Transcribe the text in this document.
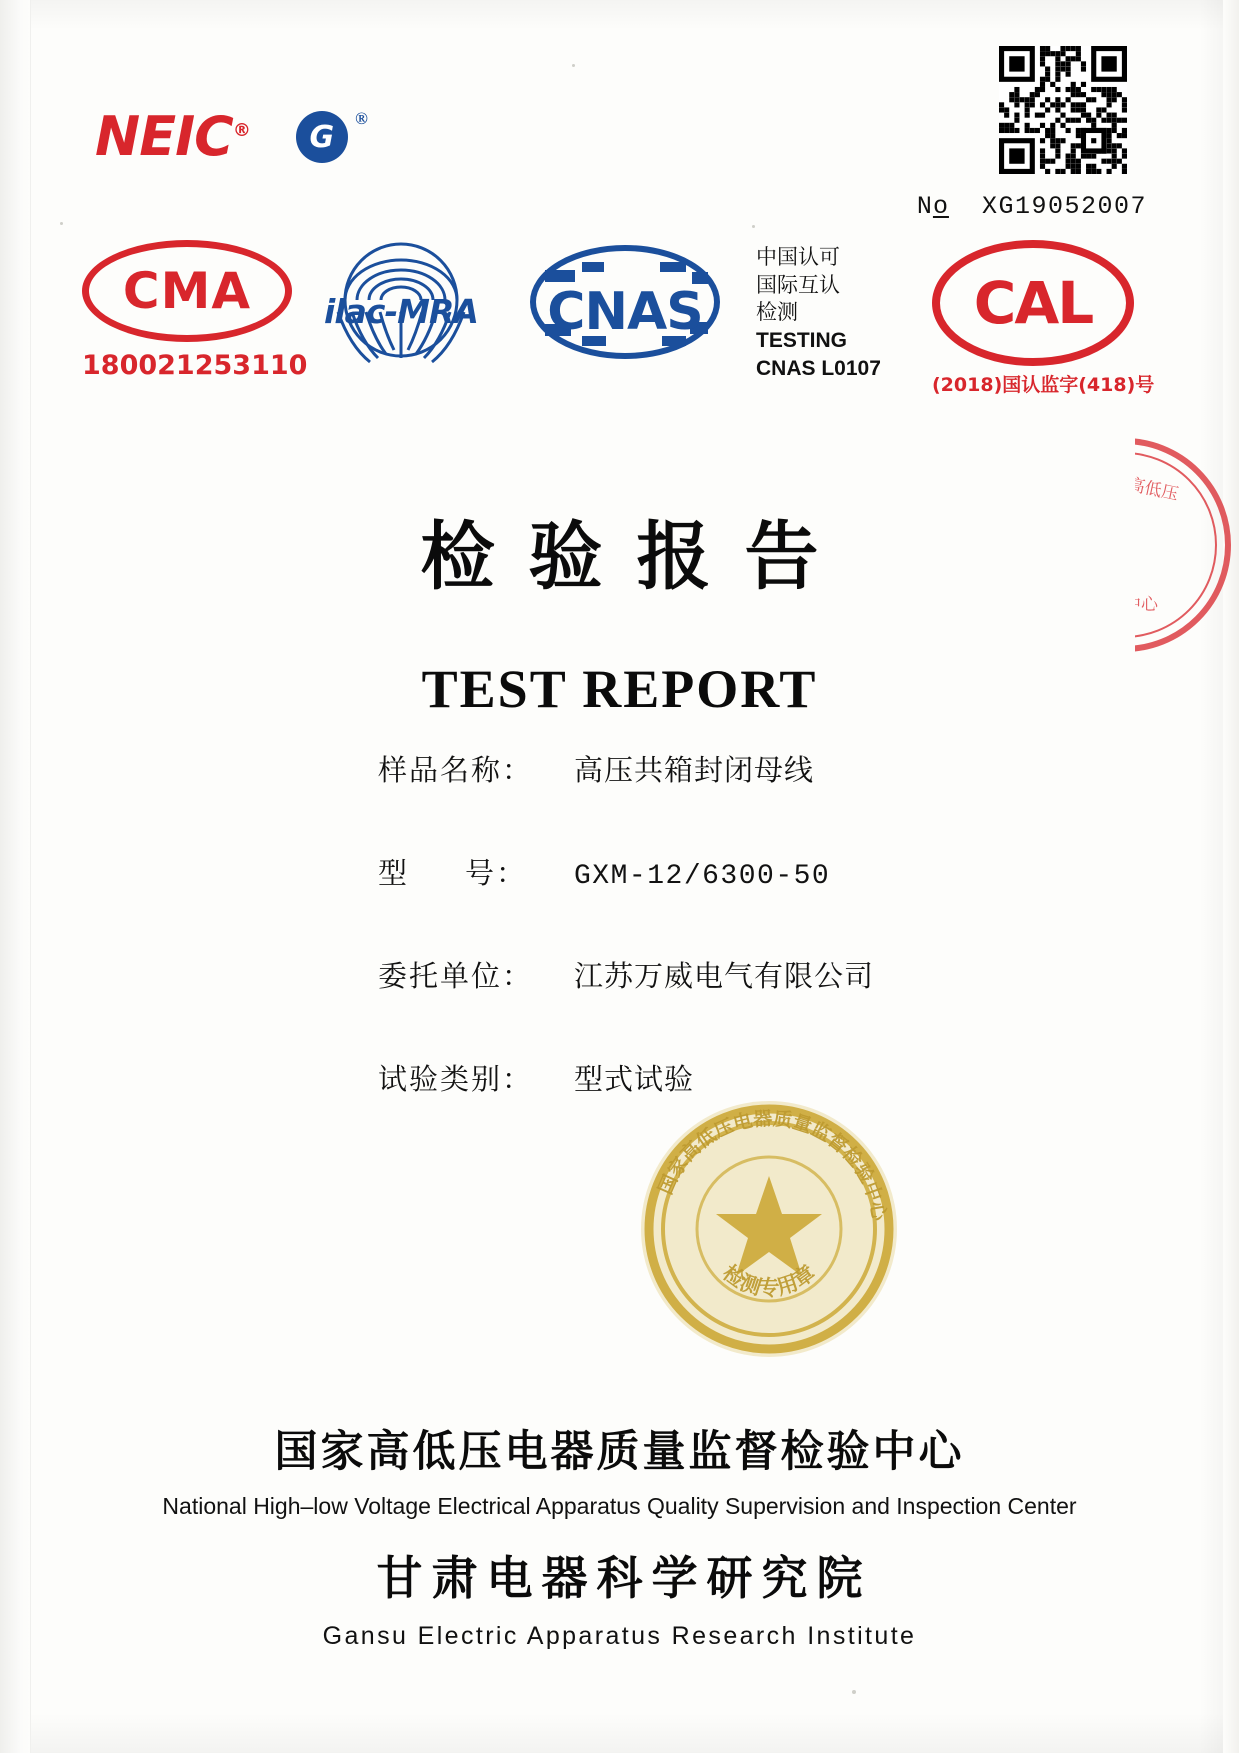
NEIC®	G
®
No XG19052007
CMA
180021253110
ilac-MRA	CNAS
中国认可
国际互认
检测
TESTING
CNAS L0107
CAL
(2018)国认监字(418)号
国家高低压
检验中心
检验报告
TEST REPORT
样品名称：	高压共箱封闭母线
型 号：	GXM-12/6300-50
委托单位：	江苏万威电气有限公司
试验类别：	型式试验
国家高低压电器质量监督检验中心
检测专用章
国家高低压电器质量监督检验中心
National High–low Voltage Electrical Apparatus Quality Supervision and Inspection Center
甘肃电器科学研究院
Gansu Electric Apparatus Research Institute
